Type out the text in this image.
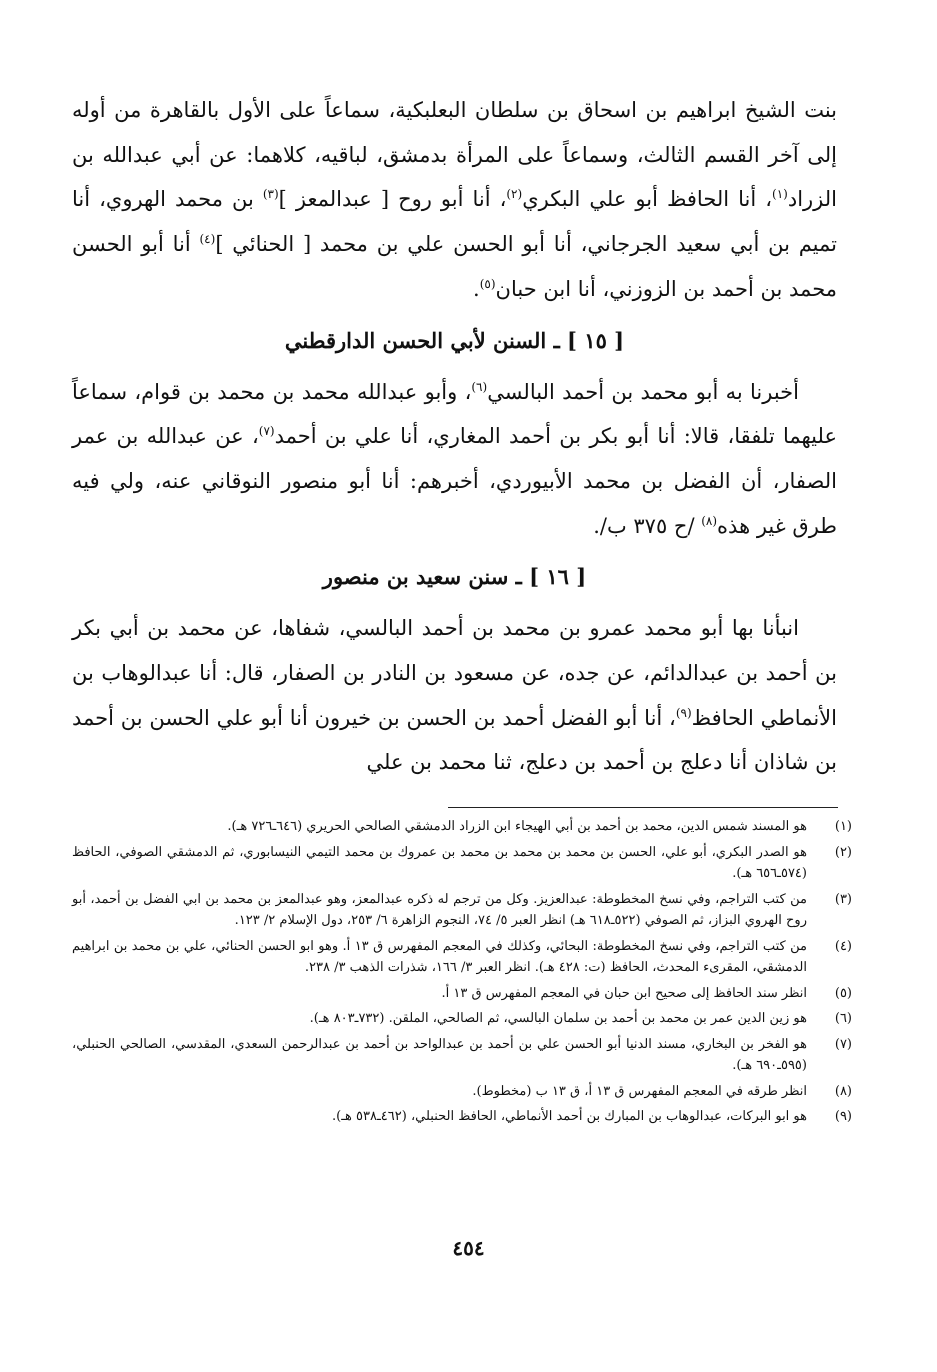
بنت الشيخ ابراهيم بن اسحاق بن سلطان البعلبكية، سماعاً على الأول بالقاهرة من أوله إلى آخر القسم الثالث، وسماعاً على المرأة بدمشق، لباقيه، كلاهما: عن أبي عبدالله بن الزراد$^{(١)}$، أنا الحافظ أبو علي البكري$^{(٢)}$، أنا أبو روح [ عبدالمعز ]$^{(٣)}$ بن محمد الهروي، أنا تميم بن أبي سعيد الجرجاني، أنا أبو الحسن علي بن محمد [ الحنائي ]$^{(٤)}$ أنا أبو الحسن محمد بن أحمد بن الزوزني، أنا ابن حبان$^{(٥)}$.

[ ١٥ ] ـ السنن لأبي الحسن الدارقطني

أخبرنا به أبو محمد بن أحمد البالسي$^{(٦)}$، وأبو عبدالله محمد بن محمد بن قوام، سماعاً عليهما تلفقا، قالا: أنا أبو بكر بن أحمد المغاري، أنا علي بن أحمد$^{(٧)}$، عن عبدالله بن عمر الصفار، أن الفضل بن محمد الأبيوردي، أخبرهم: أنا أبو منصور النوقاني عنه، ولي فيه طرق غير هذه$^{(٨)}$ /ح ٣٧٥ ب/.

[ ١٦ ] ـ سنن سعيد بن منصور

انبأنا بها أبو محمد عمرو بن محمد بن أحمد البالسي، شفاها، عن محمد بن أبي بكر بن أحمد بن عبدالدائم، عن جده، عن مسعود بن النادر بن الصفار، قال: أنا عبدالوهاب بن الأنماطي الحافظ$^{(٩)}$، أنا أبو الفضل أحمد بن الحسن بن خيرون أنا أبو علي الحسن بن أحمد بن شاذان أنا دعلج بن أحمد بن دعلج، ثنا محمد بن علي

(١)
هو المسند شمس الدين، محمد بن أحمد بن أبي الهيجاء ابن الزراد الدمشقي الصالحي الحريري (٦٤٦ـ٧٢٦ هـ).
(٢)
هو الصدر البكري، أبو علي، الحسن بن محمد بن محمد بن محمد بن عمروك بن محمد التيمي النيسابوري، ثم الدمشقي الصوفي، الحافظ (٥٧٤ـ٦٥٦ هـ).
(٣)
من كتب التراجم، وفي نسخ المخطوطة: عبدالعزيز. وكل من ترجم له ذكره عبدالمعز، وهو عبدالمعز بن محمد بن ابي الفضل بن أحمد، أبو روح الهروي البزاز، ثم الصوفي (٥٢٢ـ٦١٨ هـ) انظر العبر ٥/ ٧٤، النجوم الزاهرة ٦/ ٢٥٣، دول الإسلام ٢/ ١٢٣.
(٤)
من كتب التراجم، وفي نسخ المخطوطة: البحائي، وكذلك في المعجم المفهرس ق ١٣ أ. وهو ابو الحسن الحنائي، علي بن محمد بن ابراهيم الدمشقي، المقرىء المحدث، الحافظ (ت: ٤٢٨ هـ). انظر العبر ٣/ ١٦٦، شذرات الذهب ٣/ ٢٣٨.
(٥)
انظر سند الحافظ إلى صحيح ابن حبان في المعجم المفهرس ق ١٣ أ.
(٦)
هو زين الدين عمر بن محمد بن أحمد بن سلمان البالسي، ثم الصالحي، الملقن. (٧٣٢ـ٨٠٣ هـ).
(٧)
هو الفخر بن البخاري، مسند الدنيا أبو الحسن علي بن أحمد بن عبدالواحد بن أحمد بن عبدالرحمن السعدي، المقدسي، الصالحي الحنبلي، (٥٩٥ـ٦٩٠ هـ).
(٨)
انظر طرقه في المعجم المفهرس ق ١٣ أ، ق ١٣ ب (مخطوط).
(٩)
هو ابو البركات، عبدالوهاب بن المبارك بن أحمد الأنماطي، الحافظ الحنبلي، (٤٦٢ـ٥٣٨ هـ).
٤٥٤
